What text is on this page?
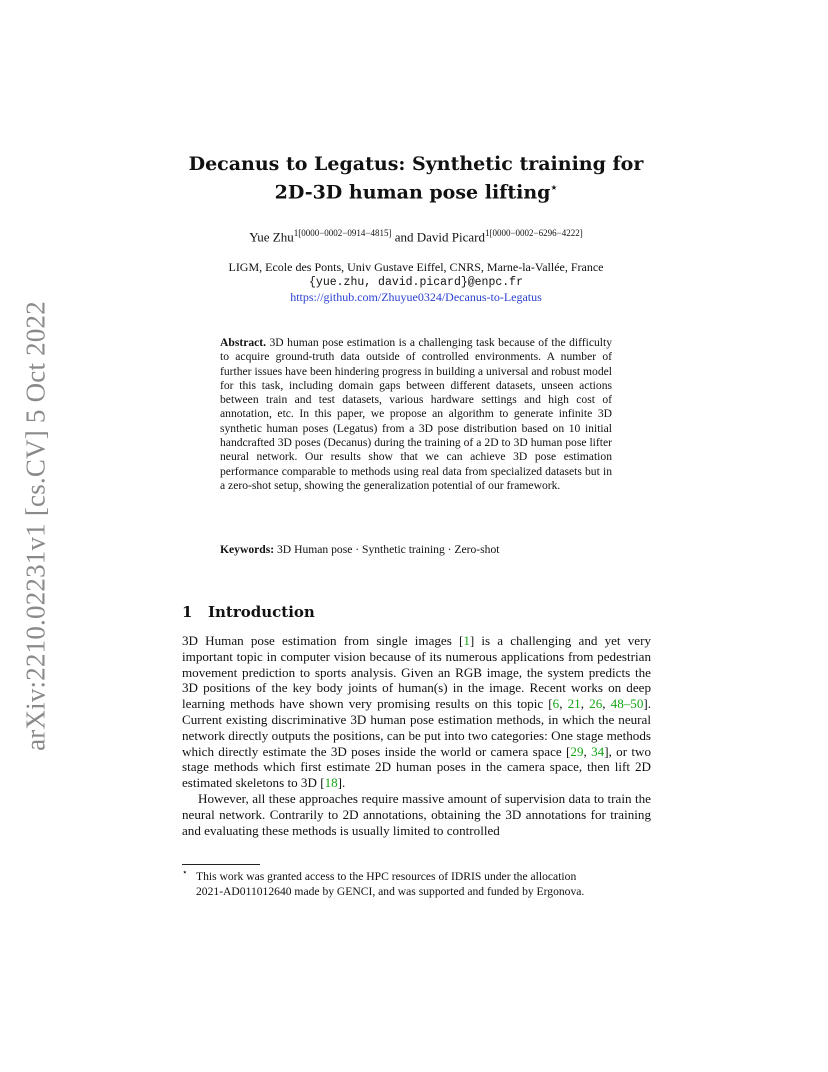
arXiv:2210.02231v1 [cs.CV] 5 Oct 2022
Decanus to Legatus: Synthetic training for
2D-3D human pose lifting⋆
Yue Zhu$^{1[0000-0002-0914-4815]}$ and David Picard$^{1[0000-0002-6296-4222]}$
LIGM, Ecole des Ponts, Univ Gustave Eiffel, CNRS, Marne-la-Vallée, France
{yue.zhu, david.picard}@enpc.fr
https://github.com/Zhuyue0324/Decanus-to-Legatus
Abstract. 3D human pose estimation is a challenging task because of the difficulty to acquire ground-truth data outside of controlled environments. A number of further issues have been hindering progress in building a universal and robust model for this task, including domain gaps between different datasets, unseen actions between train and test datasets, various hardware settings and high cost of annotation, etc. In this paper, we propose an algorithm to generate infinite 3D synthetic human poses (Legatus) from a 3D pose distribution based on 10 initial handcrafted 3D poses (Decanus) during the training of a 2D to 3D human pose lifter neural network. Our results show that we can achieve 3D pose estimation performance comparable to methods using real data from specialized datasets but in a zero-shot setup, showing the generalization potential of our framework.
Keywords: 3D Human pose · Synthetic training · Zero-shot
1 Introduction

3D Human pose estimation from single images [1] is a challenging and yet very important topic in computer vision because of its numerous applications from pedestrian movement prediction to sports analysis. Given an RGB image, the system predicts the 3D positions of the key body joints of human(s) in the image. Recent works on deep learning methods have shown very promising results on this topic [6, 21, 26, 48–50]. Current existing discriminative 3D human pose estimation methods, in which the neural network directly outputs the positions, can be put into two categories: One stage methods which directly estimate the 3D poses inside the world or camera space [29, 34], or two stage methods which first estimate 2D human poses in the camera space, then lift 2D estimated skeletons to 3D [18].

However, all these approaches require massive amount of supervision data to train the neural network. Contrarily to 2D annotations, obtaining the 3D annotations for training and evaluating these methods is usually limited to controlled

⋆ This work was granted access to the HPC resources of IDRIS under the allocation
2021-AD011012640 made by GENCI, and was supported and funded by Ergonova.
